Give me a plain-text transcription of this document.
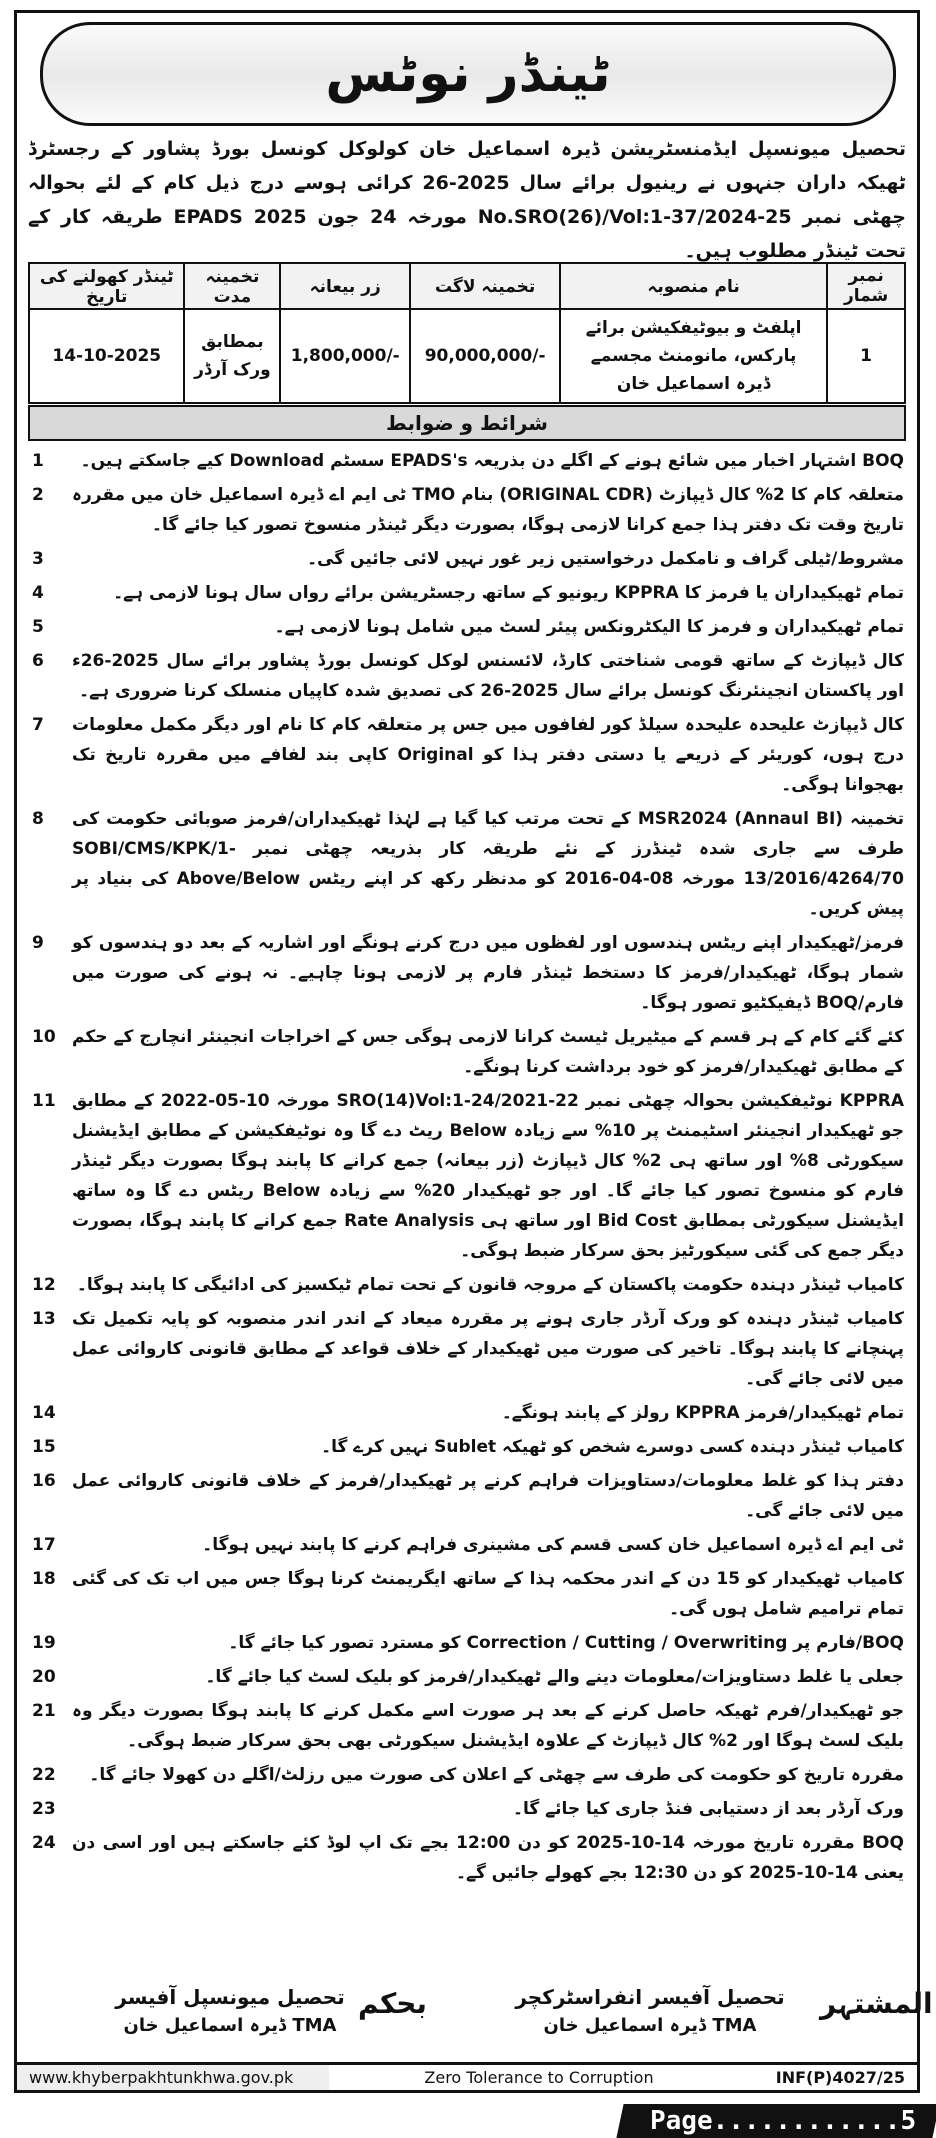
ٹینڈر نوٹس
تحصیل میونسپل ایڈمنسٹریشن ڈیرہ اسماعیل خان کولوکل کونسل بورڈ پشاور کے رجسٹرڈ ٹھیکہ داران جنہوں نے رینیول برائے سال 2025-26 کرائی ہوسے درج ذیل کام کے لئے بحوالہ چھٹی نمبر No.SRO(26)/Vol:1-37/2024-25 مورخہ 24 جون 2025 EPADS طریقہ کار کے تحت ٹینڈر مطلوب ہیں۔
نمبر شمار	نام منصوبہ	تخمینہ لاگت	زر بیعانہ	تخمینہ مدت	ٹینڈر کھولنے کی تاریخ
1	اپلفٹ و بیوٹیفکیشن برائے پارکس، مانومنٹ مجسمے ڈیرہ اسماعیل خان	90,000,000/-	1,800,000/-	بمطابق ورک آرڈر	14-10-2025
شرائط و ضوابط
BOQ اشتہار اخبار میں شائع ہونے کے اگلے دن بذریعہ EPADS's سسٹم Download کیے جاسکتے ہیں۔
1
متعلقہ کام کا 2% کال ڈیپازٹ (ORIGINAL CDR) بنام TMO ٹی ایم اے ڈیرہ اسماعیل خان میں مقررہ تاریخ وقت تک دفتر ہذا جمع کرانا لازمی ہوگا، بصورت دیگر ٹینڈر منسوخ تصور کیا جائے گا۔
2
مشروط/ٹیلی گراف و نامکمل درخواستیں زیر غور نہیں لائی جائیں گی۔
3
تمام ٹھیکیداران یا فرمز کا KPPRA ریونیو کے ساتھ رجسٹریشن برائے رواں سال ہونا لازمی ہے۔
4
تمام ٹھیکیداران و فرمز کا الیکٹرونکس پیئر لسٹ میں شامل ہونا لازمی ہے۔
5
کال ڈیپازٹ کے ساتھ قومی شناختی کارڈ، لائسنس لوکل کونسل بورڈ پشاور برائے سال 2025-26ء اور پاکستان انجینئرنگ کونسل برائے سال 2025-26 کی تصدیق شدہ کاپیاں منسلک کرنا ضروری ہے۔
6
کال ڈیپازٹ علیحدہ علیحدہ سیلڈ کور لفافوں میں جس پر متعلقہ کام کا نام اور دیگر مکمل معلومات درج ہوں، کوریئر کے ذریعے یا دستی دفتر ہذا کو Original کاپی بند لفافے میں مقررہ تاریخ تک بھجوانا ہوگی۔
7
تخمینہ MSR2024 (Annaul BI) کے تحت مرتب کیا گیا ہے لہٰذا ٹھیکیداران/فرمز صوبائی حکومت کی طرف سے جاری شدہ ٹینڈرز کے نئے طریقہ کار بذریعہ چھٹی نمبر SOBI/CMS/KPK/1-13/2016/4264/70 مورخہ 08-04-2016 کو مدنظر رکھ کر اپنے ریٹس Above/Below کی بنیاد پر پیش کریں۔
8
فرمز/ٹھیکیدار اپنے ریٹس ہندسوں اور لفظوں میں درج کرنے ہونگے اور اشاریہ کے بعد دو ہندسوں کو شمار ہوگا، ٹھیکیدار/فرمز کا دستخط ٹینڈر فارم پر لازمی ہونا چاہیے۔ نہ ہونے کی صورت میں فارم/BOQ ڈیفیکٹیو تصور ہوگا۔
9
کئے گئے کام کے ہر قسم کے میٹیریل ٹیسٹ کرانا لازمی ہوگی جس کے اخراجات انجینئر انچارج کے حکم کے مطابق ٹھیکیدار/فرمز کو خود برداشت کرنا ہونگے۔
10
KPPRA نوٹیفکیشن بحوالہ چھٹی نمبر SRO(14)Vol:1-24/2021-22 مورخہ 10-05-2022 کے مطابق جو ٹھیکیدار انجینئر اسٹیمنٹ پر 10% سے زیادہ Below ریٹ دے گا وہ نوٹیفکیشن کے مطابق ایڈیشنل سیکورٹی 8% اور ساتھ ہی 2% کال ڈیپازٹ (زر بیعانہ) جمع کرانے کا پابند ہوگا بصورت دیگر ٹینڈر فارم کو منسوخ تصور کیا جائے گا۔ اور جو ٹھیکیدار 20% سے زیادہ Below ریٹس دے گا وہ ساتھ ایڈیشنل سیکورٹی بمطابق Bid Cost اور ساتھ ہی Rate Analysis جمع کرانے کا پابند ہوگا، بصورت دیگر جمع کی گئی سیکورٹیز بحق سرکار ضبط ہوگی۔
11
کامیاب ٹینڈر دہندہ حکومت پاکستان کے مروجہ قانون کے تحت تمام ٹیکسیز کی ادائیگی کا پابند ہوگا۔
12
کامیاب ٹینڈر دہندہ کو ورک آرڈر جاری ہونے پر مقررہ میعاد کے اندر اندر منصوبہ کو پایہ تکمیل تک پہنچانے کا پابند ہوگا۔ تاخیر کی صورت میں ٹھیکیدار کے خلاف قواعد کے مطابق قانونی کاروائی عمل میں لائی جائے گی۔
13
تمام ٹھیکیدار/فرمز KPPRA رولز کے پابند ہونگے۔
14
کامیاب ٹینڈر دہندہ کسی دوسرے شخص کو ٹھیکہ Sublet نہیں کرے گا۔
15
دفتر ہذا کو غلط معلومات/دستاویزات فراہم کرنے پر ٹھیکیدار/فرمز کے خلاف قانونی کاروائی عمل میں لائی جائے گی۔
16
ٹی ایم اے ڈیرہ اسماعیل خان کسی قسم کی مشینری فراہم کرنے کا پابند نہیں ہوگا۔
17
کامیاب ٹھیکیدار کو 15 دن کے اندر محکمہ ہذا کے ساتھ ایگریمنٹ کرنا ہوگا جس میں اب تک کی گئی تمام ترامیم شامل ہوں گی۔
18
BOQ/فارم پر Correction / Cutting / Overwriting کو مسترد تصور کیا جائے گا۔
19
جعلی یا غلط دستاویزات/معلومات دینے والے ٹھیکیدار/فرمز کو بلیک لسٹ کیا جائے گا۔
20
جو ٹھیکیدار/فرم ٹھیکہ حاصل کرنے کے بعد ہر صورت اسے مکمل کرنے کا پابند ہوگا بصورت دیگر وہ بلیک لسٹ ہوگا اور 2% کال ڈیپازٹ کے علاوہ ایڈیشنل سیکورٹی بھی بحق سرکار ضبط ہوگی۔
21
مقررہ تاریخ کو حکومت کی طرف سے چھٹی کے اعلان کی صورت میں رزلٹ/اگلے دن کھولا جائے گا۔
22
ورک آرڈر بعد از دستیابی فنڈ جاری کیا جائے گا۔
23
BOQ مقررہ تاریخ مورخہ 14-10-2025 کو دن 12:00 بجے تک اپ لوڈ کئے جاسکتے ہیں اور اسی دن یعنی 14-10-2025 کو دن 12:30 بجے کھولے جائیں گے۔
24
المشتہر
بحکم	تحصیل آفیسر انفراسٹرکچر
TMA ڈیرہ اسماعیل خان
تحصیل میونسپل آفیسر
TMA ڈیرہ اسماعیل خان
www.khyberpakhtunkhwa.gov.pk	Zero Tolerance to Corruption	INF(P)4027/25
Page............5
